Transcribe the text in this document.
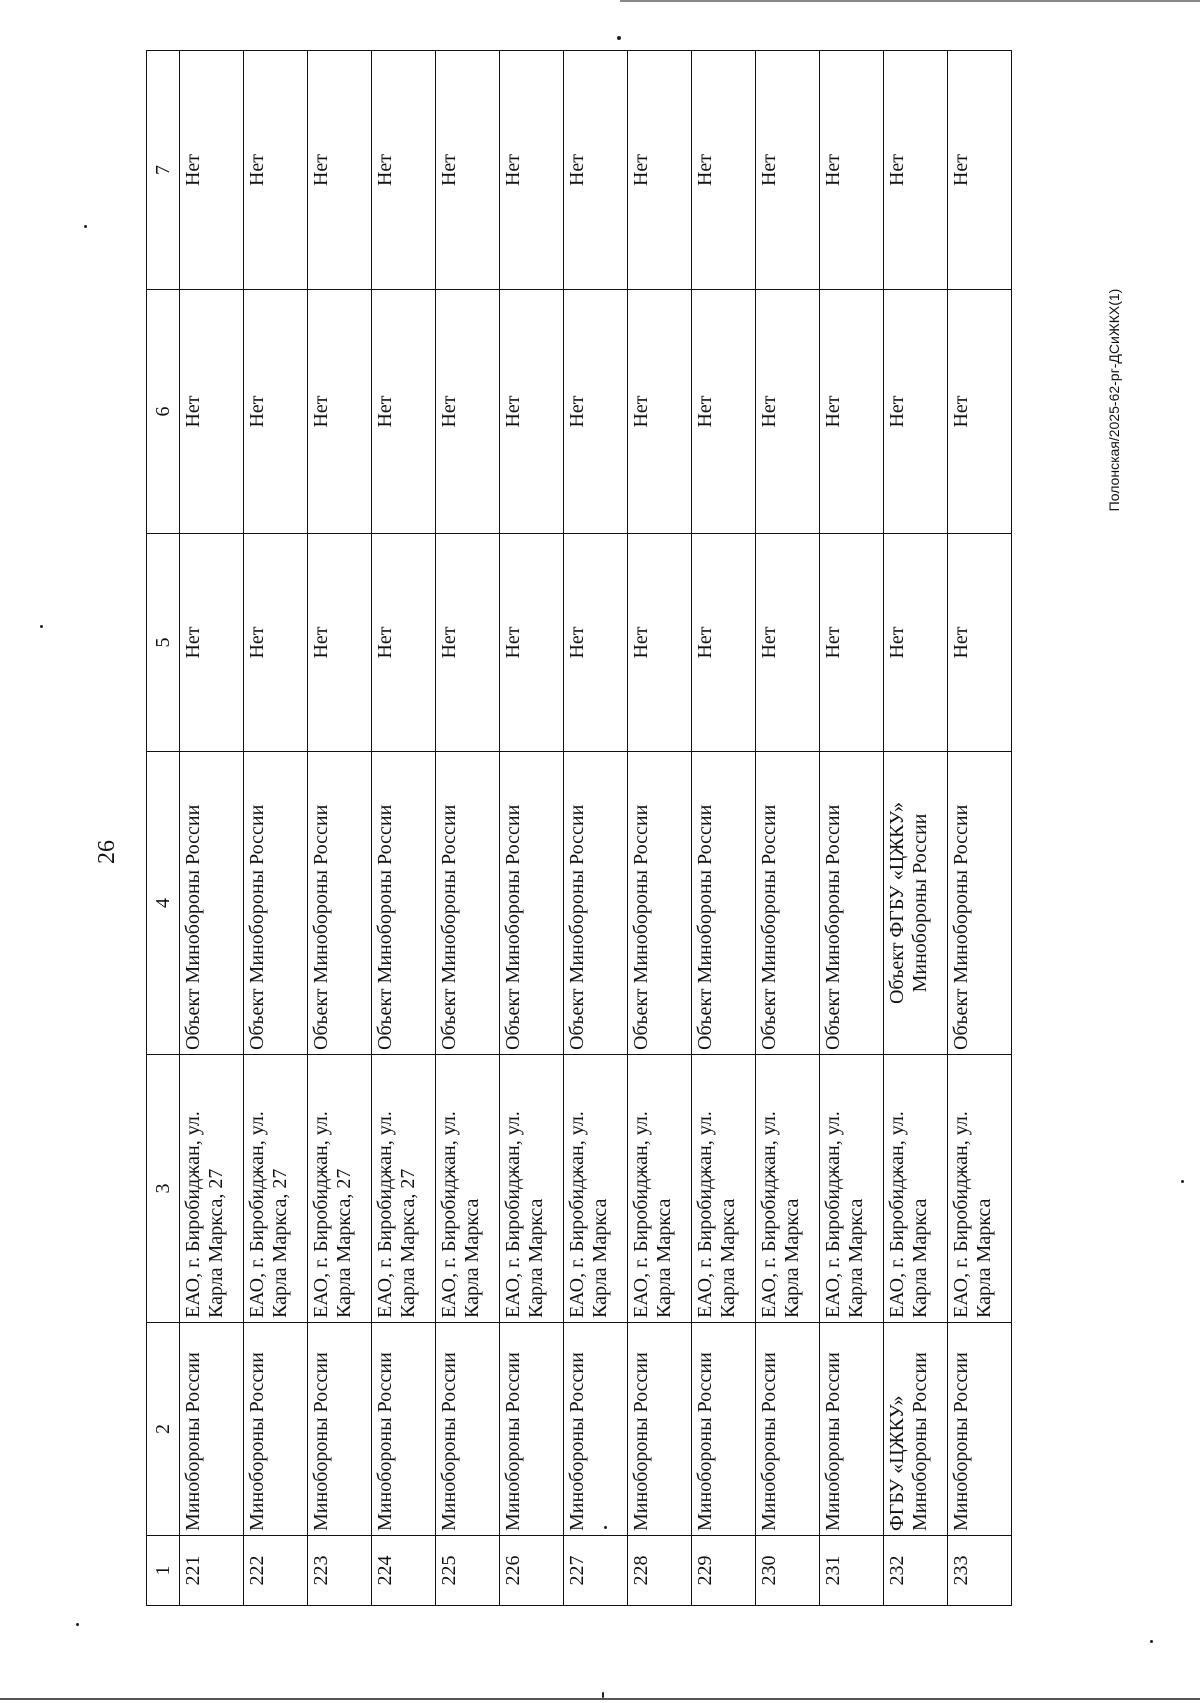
26
1	2	3	4	5	6	7
221	Минобороны России	ЕАО, г. Биробиджан, ул. Карла Маркса, 27	Объект Минобороны России	Нет	Нет	Нет
222	Минобороны России	ЕАО, г. Биробиджан, ул. Карла Маркса, 27	Объект Минобороны России	Нет	Нет	Нет
223	Минобороны России	ЕАО, г. Биробиджан, ул. Карла Маркса, 27	Объект Минобороны России	Нет	Нет	Нет
224	Минобороны России	ЕАО, г. Биробиджан, ул. Карла Маркса, 27	Объект Минобороны России	Нет	Нет	Нет
225	Минобороны России	ЕАО, г. Биробиджан, ул. Карла Маркса	Объект Минобороны России	Нет	Нет	Нет
226	Минобороны России	ЕАО, г. Биробиджан, ул. Карла Маркса	Объект Минобороны России	Нет	Нет	Нет
227	Минобороны России	ЕАО, г. Биробиджан, ул. Карла Маркса	Объект Минобороны России	Нет	Нет	Нет
228	Минобороны России	ЕАО, г. Биробиджан, ул. Карла Маркса	Объект Минобороны России	Нет	Нет	Нет
229	Минобороны России	ЕАО, г. Биробиджан, ул. Карла Маркса	Объект Минобороны России	Нет	Нет	Нет
230	Минобороны России	ЕАО, г. Биробиджан, ул. Карла Маркса	Объект Минобороны России	Нет	Нет	Нет
231	Минобороны России	ЕАО, г. Биробиджан, ул. Карла Маркса	Объект Минобороны России	Нет	Нет	Нет
232	ФГБУ «ЦЖКУ» Минобороны России	ЕАО, г. Биробиджан, ул. Карла Маркса	Объект ФГБУ «ЦЖКУ» Минобороны России	Нет	Нет	Нет
233	Минобороны России	ЕАО, г. Биробиджан, ул. Карла Маркса	Объект Минобороны России	Нет	Нет	Нет
Полонская/2025-62-рг-ДСиЖКХ(1)
